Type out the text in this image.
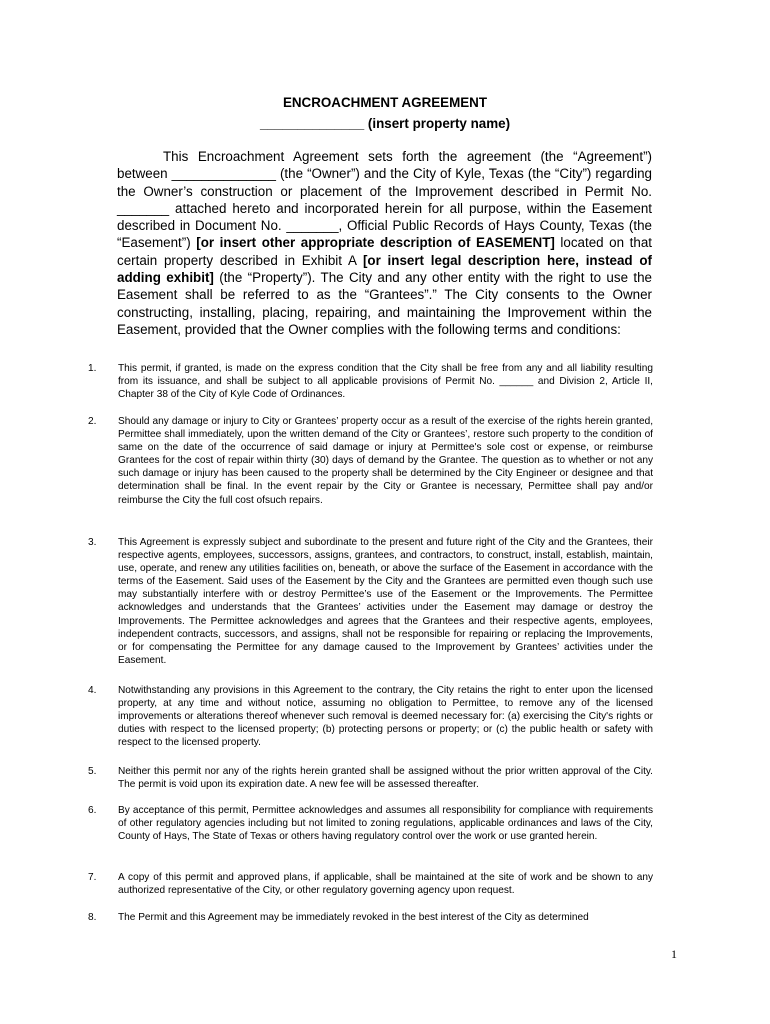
ENCROACHMENT AGREEMENT
______________ (insert property name)
This Encroachment Agreement sets forth the agreement (the “Agreement”) between ______________ (the “Owner”) and the City of Kyle, Texas (the “City”) regarding the Owner’s construction or placement of the Improvement described in Permit No. _______ attached hereto and incorporated herein for all purpose, within the Easement described in Document No. _______, Official Public Records of Hays County, Texas (the “Easement”) [or insert other appropriate description of EASEMENT] located on that certain property described in Exhibit A [or insert legal description here, instead of adding exhibit] (the “Property”). The City and any other entity with the right to use the Easement shall be referred to as the “Grantees”.” The City consents to the Owner constructing, installing, placing, repairing, and maintaining the Improvement within the Easement, provided that the Owner complies with the following terms and conditions:
1.	This permit, if granted, is made on the express condition that the City shall be free from any and all liability resulting from its issuance, and shall be subject to all applicable provisions of Permit No. ______ and Division 2, Article II, Chapter 38 of the City of Kyle Code of Ordinances.
2.	Should any damage or injury to City or Grantees’ property occur as a result of the exercise of the rights herein granted, Permittee shall immediately, upon the written demand of the City or Grantees’, restore such property to the condition of same on the date of the occurrence of said damage or injury at Permittee's sole cost or expense, or reimburse Grantees for the cost of repair within thirty (30) days of demand by the Grantee. The question as to whether or not any such damage or injury has been caused to the property shall be determined by the City Engineer or designee and that determination shall be final. In the event repair by the City or Grantee is necessary, Permittee shall pay and/or reimburse the City the full cost ofsuch repairs.
3.	This Agreement is expressly subject and subordinate to the present and future right of the City and the Grantees, their respective agents, employees, successors, assigns, grantees, and contractors, to construct, install, establish, maintain, use, operate, and renew any utilities facilities on, beneath, or above the surface of the Easement in accordance with the terms of the Easement. Said uses of the Easement by the City and the Grantees are permitted even though such use may substantially interfere with or destroy Permittee’s use of the Easement or the Improvements. The Permittee acknowledges and understands that the Grantees’ activities under the Easement may damage or destroy the Improvements. The Permittee acknowledges and agrees that the Grantees and their respective agents, employees, independent contracts, successors, and assigns, shall not be responsible for repairing or replacing the Improvements, or for compensating the Permittee for any damage caused to the Improvement by Grantees’ activities under the Easement.
4.	Notwithstanding any provisions in this Agreement to the contrary, the City retains the right to enter upon the licensed property, at any time and without notice, assuming no obligation to Permittee, to remove any of the licensed improvements or alterations thereof whenever such removal is deemed necessary for: (a) exercising the City's rights or duties with respect to the licensed property; (b) protecting persons or property; or (c) the public health or safety with respect to the licensed property.
5.	Neither this permit nor any of the rights herein granted shall be assigned without the prior written approval of the City. The permit is void upon its expiration date. A new fee will be assessed thereafter.
6.	By acceptance of this permit, Permittee acknowledges and assumes all responsibility for compliance with requirements of other regulatory agencies including but not limited to zoning regulations, applicable ordinances and laws of the City, County of Hays, The State of Texas or others having regulatory control over the work or use granted herein.
7.	A copy of this permit and approved plans, if applicable, shall be maintained at the site of work and be shown to any authorized representative of the City, or other regulatory governing agency upon request.
8.	The Permit and this Agreement may be immediately revoked in the best interest of the City as determined
1
